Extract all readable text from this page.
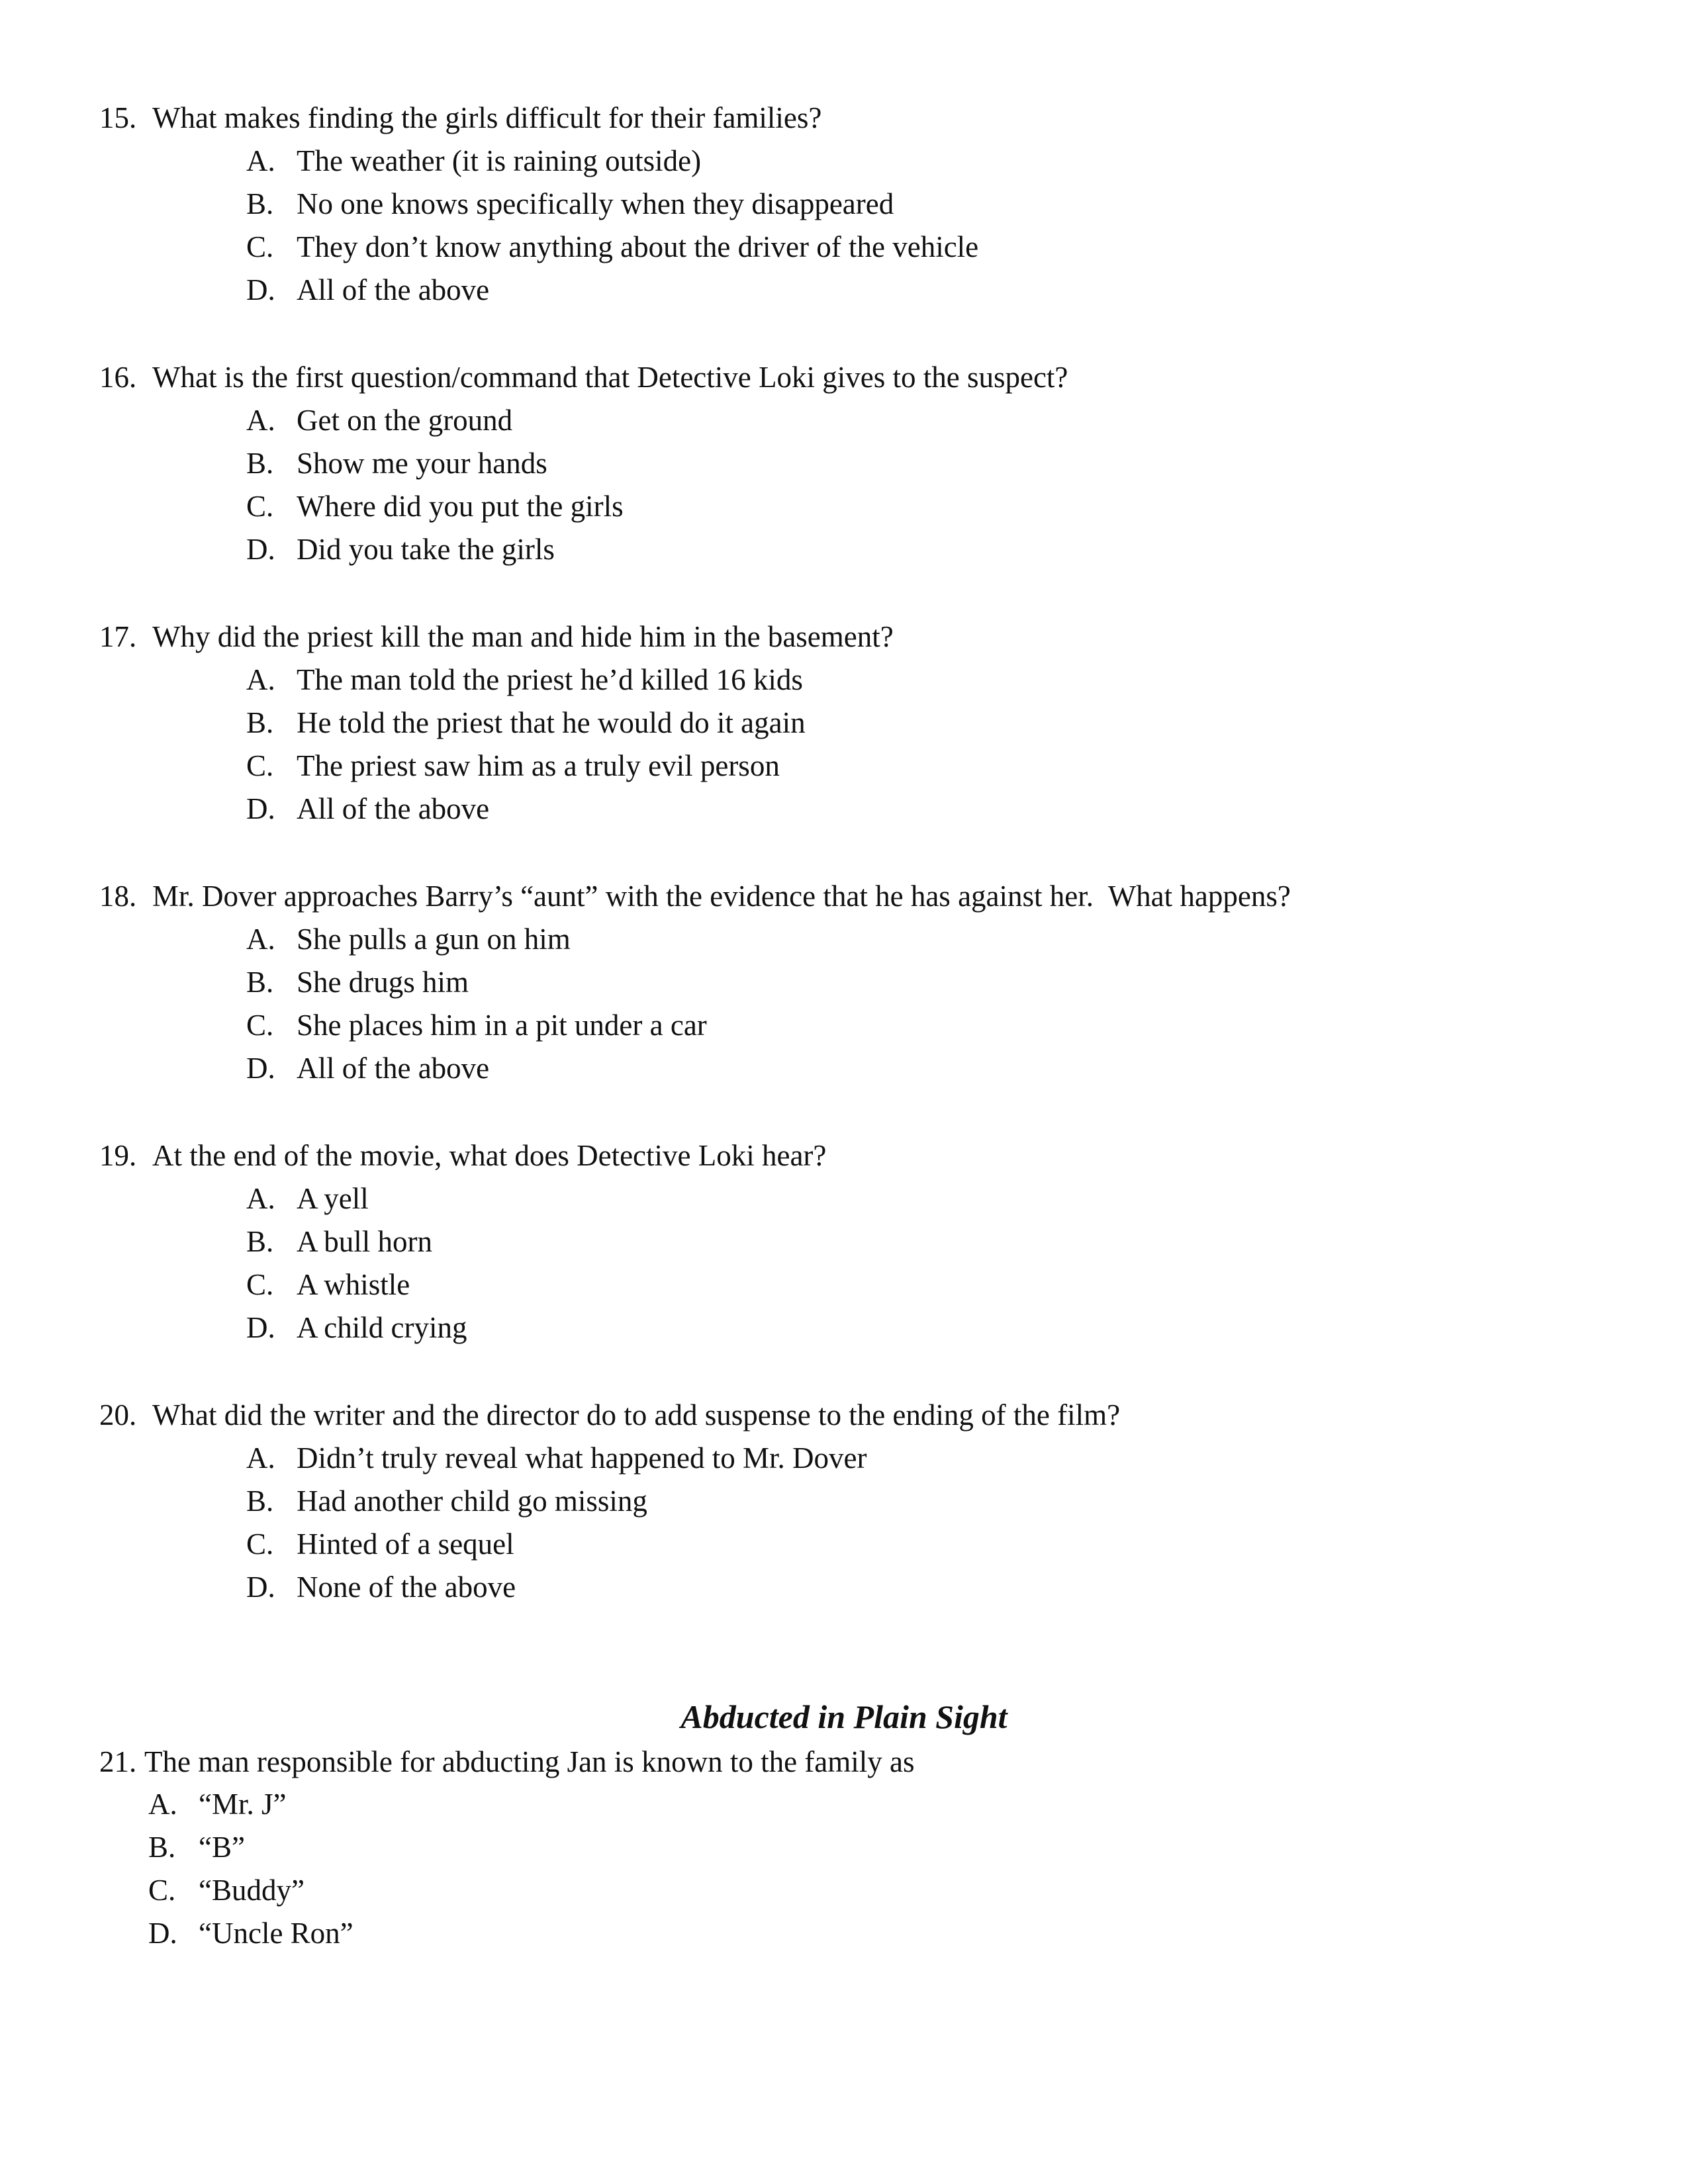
15. What makes finding the girls difficult for their families?
A. The weather (it is raining outside)
B. No one knows specifically when they disappeared
C. They don’t know anything about the driver of the vehicle
D. All of the above
16. What is the first question/command that Detective Loki gives to the suspect?
A. Get on the ground
B. Show me your hands
C. Where did you put the girls
D. Did you take the girls
17. Why did the priest kill the man and hide him in the basement?
A. The man told the priest he’d killed 16 kids
B. He told the priest that he would do it again
C. The priest saw him as a truly evil person
D. All of the above
18. Mr. Dover approaches Barry’s “aunt” with the evidence that he has against her.  What happens?
A. She pulls a gun on him
B. She drugs him
C. She places him in a pit under a car
D. All of the above
19. At the end of the movie, what does Detective Loki hear?
A. A yell
B. A bull horn
C. A whistle
D. A child crying
20. What did the writer and the director do to add suspense to the ending of the film?
A. Didn’t truly reveal what happened to Mr. Dover
B. Had another child go missing
C. Hinted of a sequel
D. None of the above
Abducted in Plain Sight
21. The man responsible for abducting Jan is known to the family as
A. “Mr. J”
B. “B”
C. “Buddy”
D. “Uncle Ron”
